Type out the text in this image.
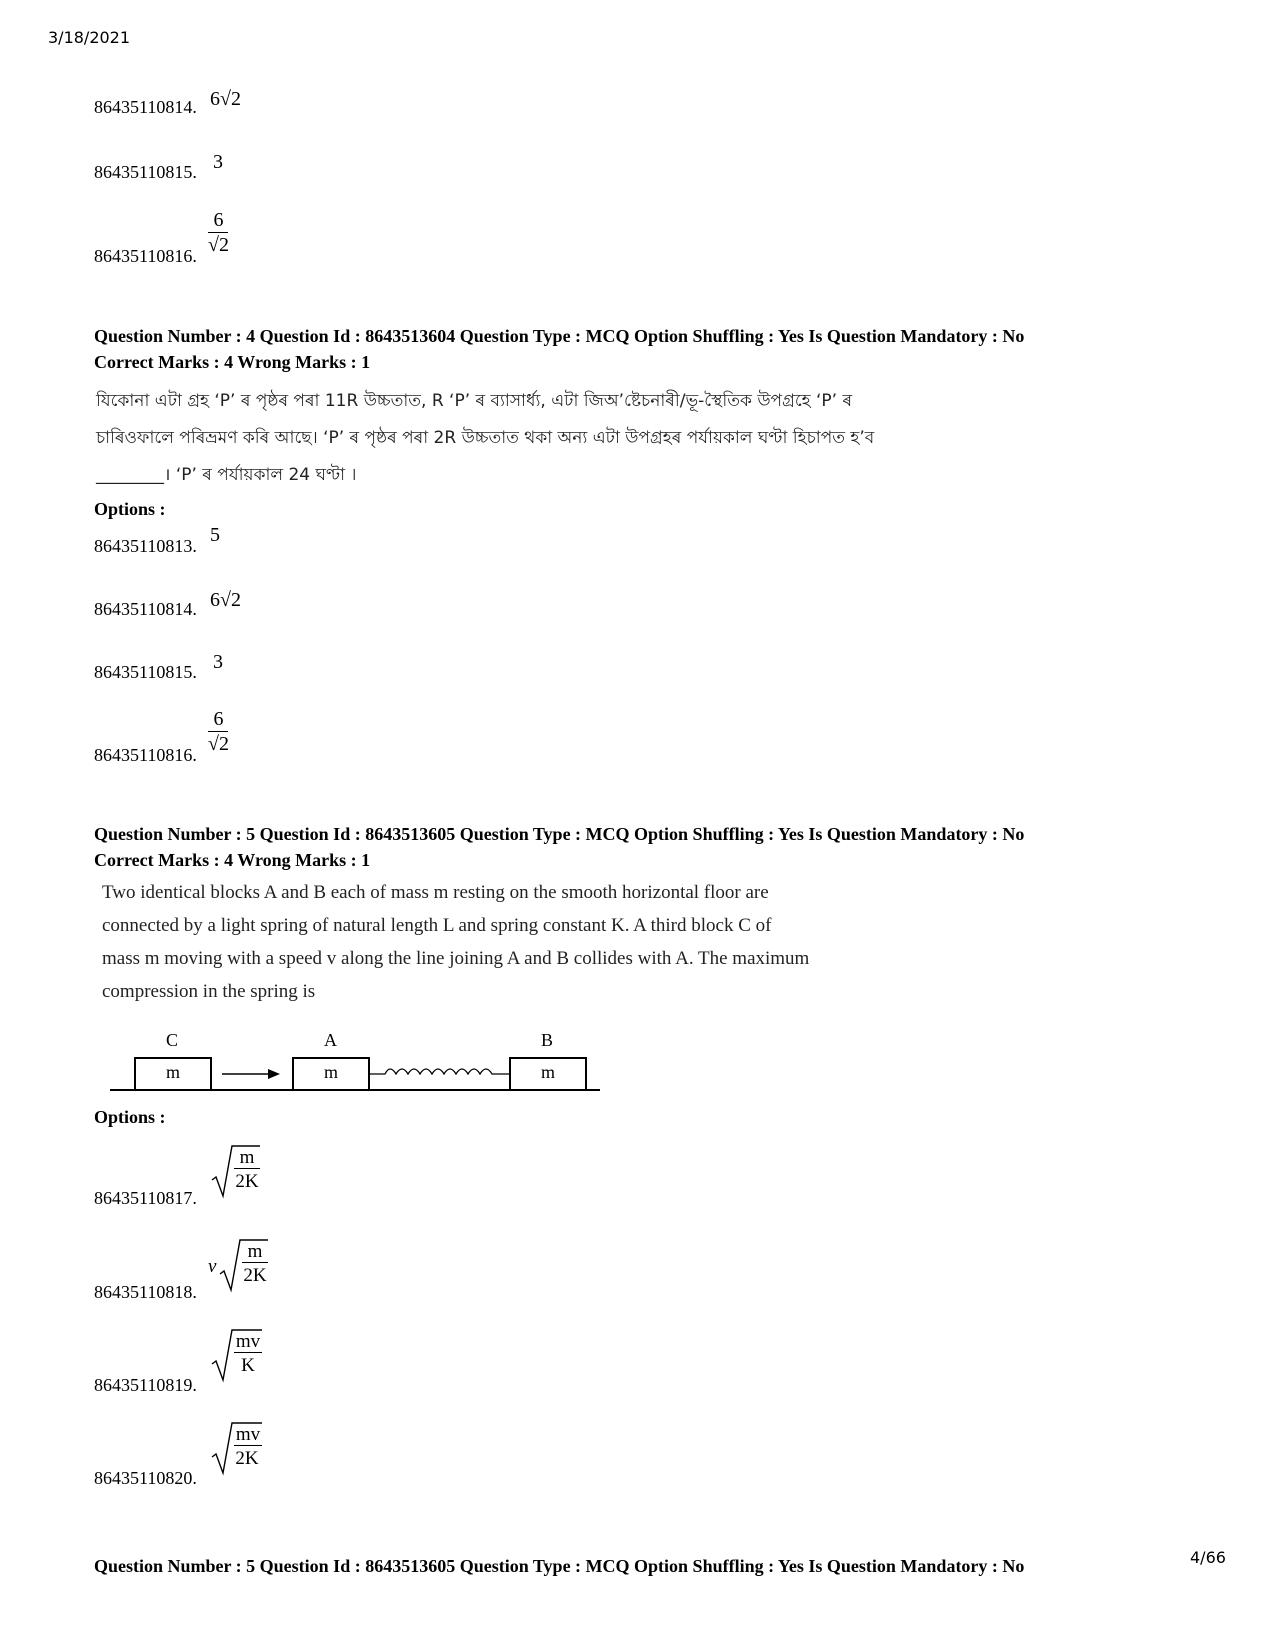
3/18/2021
4/66
86435110814. 6√2
86435110815. 3
86435110816. $\frac{6}{√2}$
Question Number : 4 Question Id : 8643513604 Question Type : MCQ Option Shuffling : Yes Is Question Mandatory : No
Correct Marks : 4 Wrong Marks : 1
যিকোনা এটা গ্ৰহ ‘P’ ৰ পৃষ্ঠৰ পৰা 11R উচ্চতাত, R ‘P’ ৰ ব্যাসাৰ্ধ্য, এটা জিঅ’ষ্টেচনাৰী/ভূ-স্থৈতিক উপগ্ৰহে ‘P’ ৰ
চাৰিওফালে পৰিভ্ৰমণ কৰি আছে। ‘P’ ৰ পৃষ্ঠৰ পৰা 2R উচ্চতাত থকা অন্য এটা উপগ্ৰহৰ পৰ্যায়কাল ঘণ্টা হিচাপত হ’ব
________। ‘P’ ৰ পৰ্যায়কাল 24 ঘণ্টা ।
Options :
86435110813. 5
86435110814. 6√2
86435110815. 3
86435110816. $\frac{6}{√2}$
Question Number : 5 Question Id : 8643513605 Question Type : MCQ Option Shuffling : Yes Is Question Mandatory : No
Correct Marks : 4 Wrong Marks : 1
Two identical blocks A and B each of mass m resting on the smooth horizontal floor are
connected by a light spring of natural length L and spring constant K. A third block C of
mass m moving with a speed v along the line joining A and B collides with A. The maximum
compression in the spring is
C	A	B
m	m	m
Options :
86435110817. $\frac{m}{2K}$
86435110818.
v
m
2K
86435110819.
$\frac{mv}{K}$
86435110820.
$\frac{mv}{2K}$
Question Number : 5 Question Id : 8643513605 Question Type : MCQ Option Shuffling : Yes Is Question Mandatory : No
